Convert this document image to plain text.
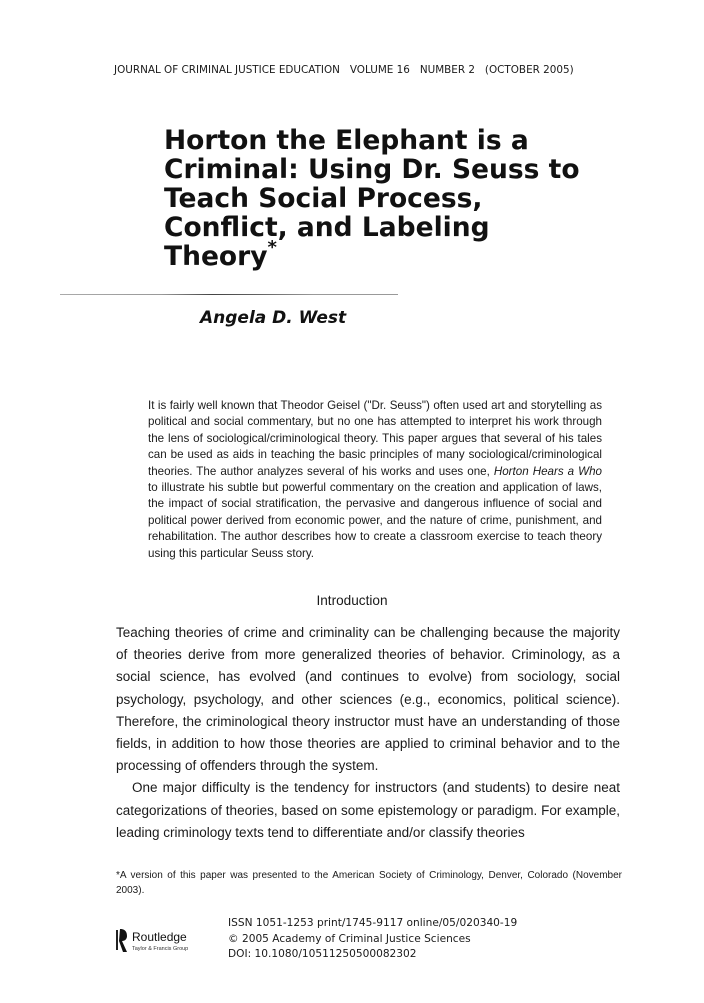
JOURNAL OF CRIMINAL JUSTICE EDUCATION VOLUME 16 NUMBER 2 (OCTOBER 2005)
Horton the Elephant is a
Criminal: Using Dr. Seuss to
Teach Social Process,
Conflict, and Labeling
Theory*
Angela D. West

It is fairly well known that Theodor Geisel ("Dr. Seuss") often used art and storytelling as political and social commentary, but no one has attempted to interpret his work through the lens of sociological/criminological theory. This paper argues that several of his tales can be used as aids in teaching the basic principles of many sociological/criminological theories. The author analyzes several of his works and uses one, Horton Hears a Who to illustrate his subtle but powerful commentary on the creation and application of laws, the impact of social stratification, the pervasive and dangerous influence of social and political power derived from economic power, and the nature of crime, punishment, and rehabilitation. The author describes how to create a classroom exercise to teach theory using this particular Seuss story.

Introduction

Teaching theories of crime and criminality can be challenging because the majority of theories derive from more generalized theories of behavior. Criminology, as a social science, has evolved (and continues to evolve) from sociology, social psychology, psychology, and other sciences (e.g., economics, political science). Therefore, the criminological theory instructor must have an understanding of those fields, in addition to how those theories are applied to criminal behavior and to the processing of offenders through the system.

One major difficulty is the tendency for instructors (and students) to desire neat categorizations of theories, based on some epistemology or paradigm. For example, leading criminology texts tend to differentiate and/or classify theories

*A version of this paper was presented to the American Society of Criminology, Denver, Colorado (November 2003).
Routledge
Taylor & Francis Group
ISSN 1051-1253 print/1745-9117 online/05/020340-19
© 2005 Academy of Criminal Justice Sciences
DOI: 10.1080/10511250500082302
